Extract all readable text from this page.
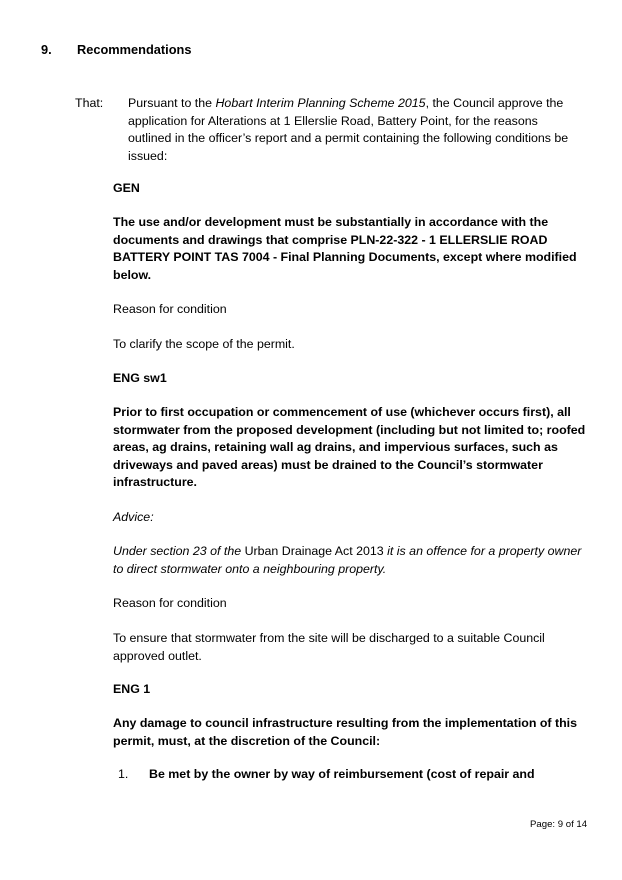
9. Recommendations
That: Pursuant to the Hobart Interim Planning Scheme 2015, the Council approve the application for Alterations at 1 Ellerslie Road, Battery Point, for the reasons outlined in the officer’s report and a permit containing the following conditions be issued:

GEN

The use and/or development must be substantially in accordance with the documents and drawings that comprise PLN-22-322 - 1 ELLERSLIE ROAD BATTERY POINT TAS 7004 - Final Planning Documents, except where modified below.

Reason for condition

To clarify the scope of the permit.

ENG sw1

Prior to first occupation or commencement of use (whichever occurs first), all stormwater from the proposed development (including but not limited to; roofed areas, ag drains, retaining wall ag drains, and impervious surfaces, such as driveways and paved areas) must be drained to the Council’s stormwater infrastructure.

Advice:

Under section 23 of the Urban Drainage Act 2013 it is an offence for a property owner to direct stormwater onto a neighbouring property.

Reason for condition

To ensure that stormwater from the site will be discharged to a suitable Council approved outlet.

ENG 1

Any damage to council infrastructure resulting from the implementation of this permit, must, at the discretion of the Council:

1. Be met by the owner by way of reimbursement (cost of repair and
Page: 9 of 14
